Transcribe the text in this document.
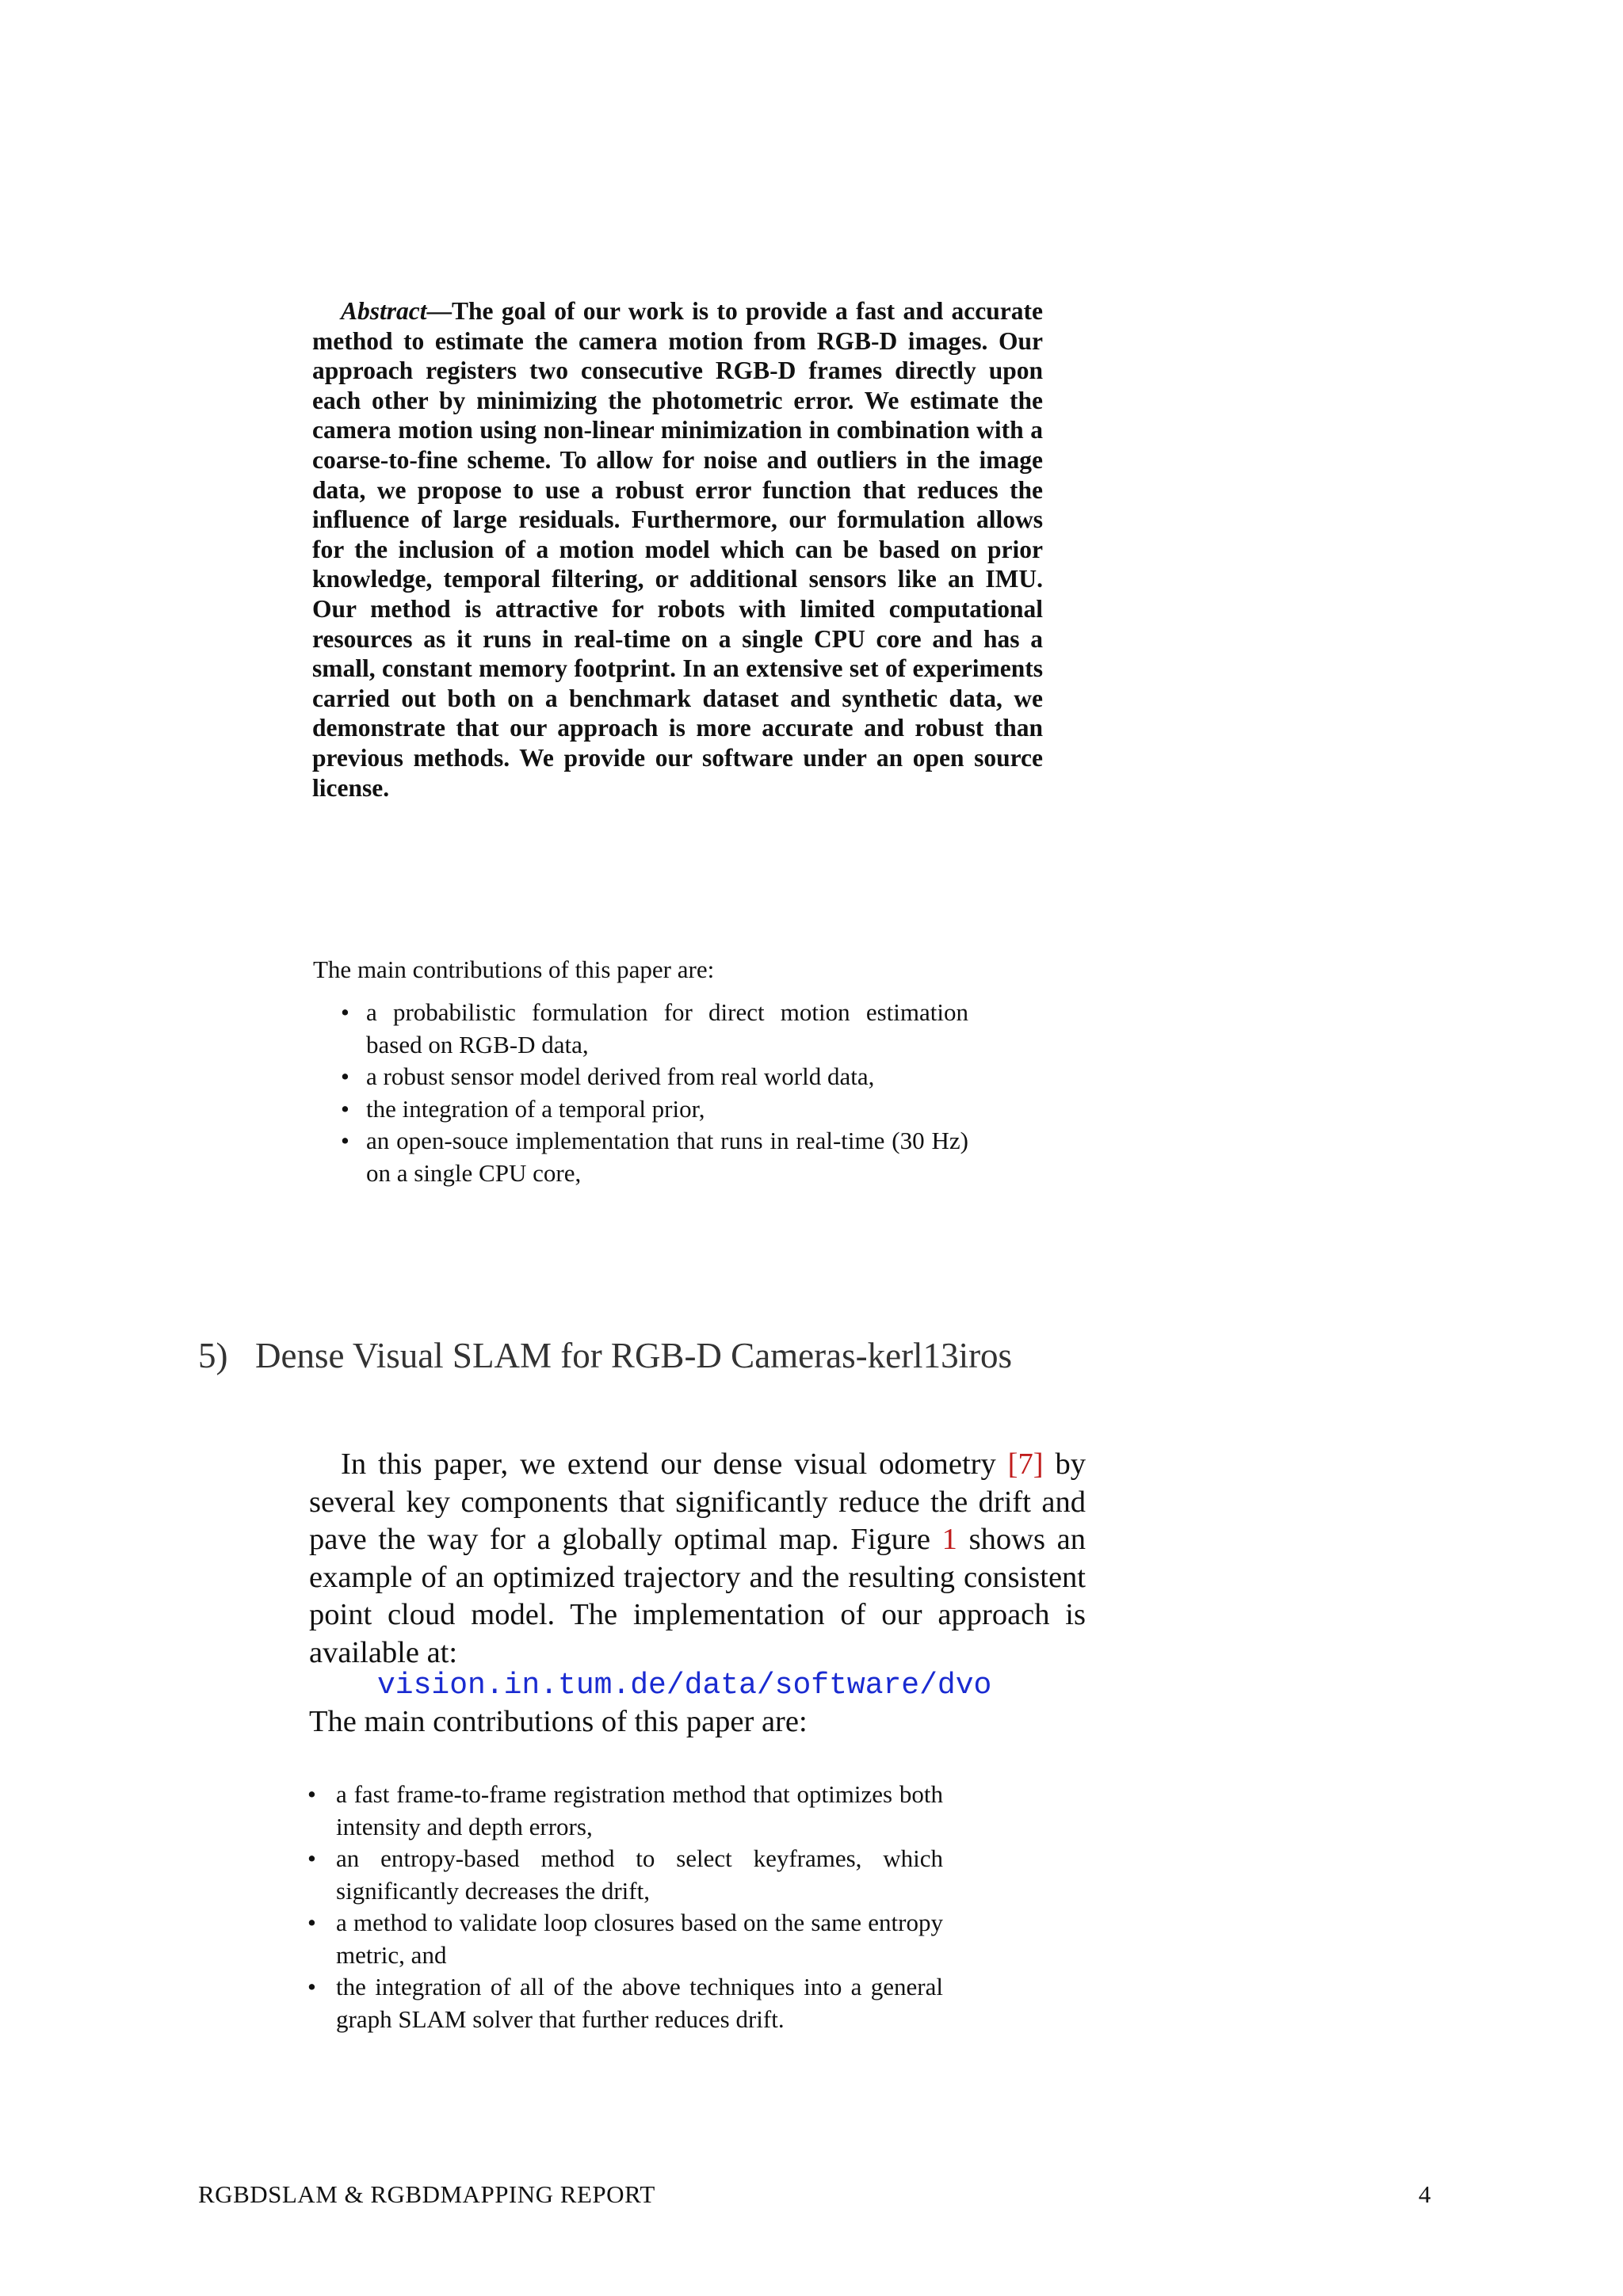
Abstract—The goal of our work is to provide a fast and accurate method to estimate the camera motion from RGB-D images. Our approach registers two consecutive RGB-D frames directly upon each other by minimizing the photometric error. We estimate the camera motion using non-linear minimization in combination with a coarse-to-fine scheme. To allow for noise and outliers in the image data, we propose to use a robust error function that reduces the influence of large residuals. Furthermore, our formulation allows for the inclusion of a motion model which can be based on prior knowledge, temporal filtering, or additional sensors like an IMU. Our method is attractive for robots with limited computational resources as it runs in real-time on a single CPU core and has a small, constant memory footprint. In an extensive set of experiments carried out both on a benchmark dataset and synthetic data, we demonstrate that our approach is more accurate and robust than previous methods. We provide our software under an open source license.
The main contributions of this paper are:
• a probabilistic formulation for direct motion estimation based on RGB-D data,
• a robust sensor model derived from real world data,
• the integration of a temporal prior,
• an open-souce implementation that runs in real-time (30 Hz) on a single CPU core,
5) Dense Visual SLAM for RGB-D Cameras-kerl13iros
In this paper, we extend our dense visual odometry [7] by several key components that significantly reduce the drift and pave the way for a globally optimal map. Figure 1 shows an example of an optimized trajectory and the resulting consistent point cloud model. The implementation of our approach is available at:
vision.in.tum.de/data/software/dvo
The main contributions of this paper are:
• a fast frame-to-frame registration method that optimizes both intensity and depth errors,
• an entropy-based method to select keyframes, which significantly decreases the drift,
• a method to validate loop closures based on the same entropy metric, and
• the integration of all of the above techniques into a general graph SLAM solver that further reduces drift.
RGBDSLAM & RGBDMAPPING REPORT	4
